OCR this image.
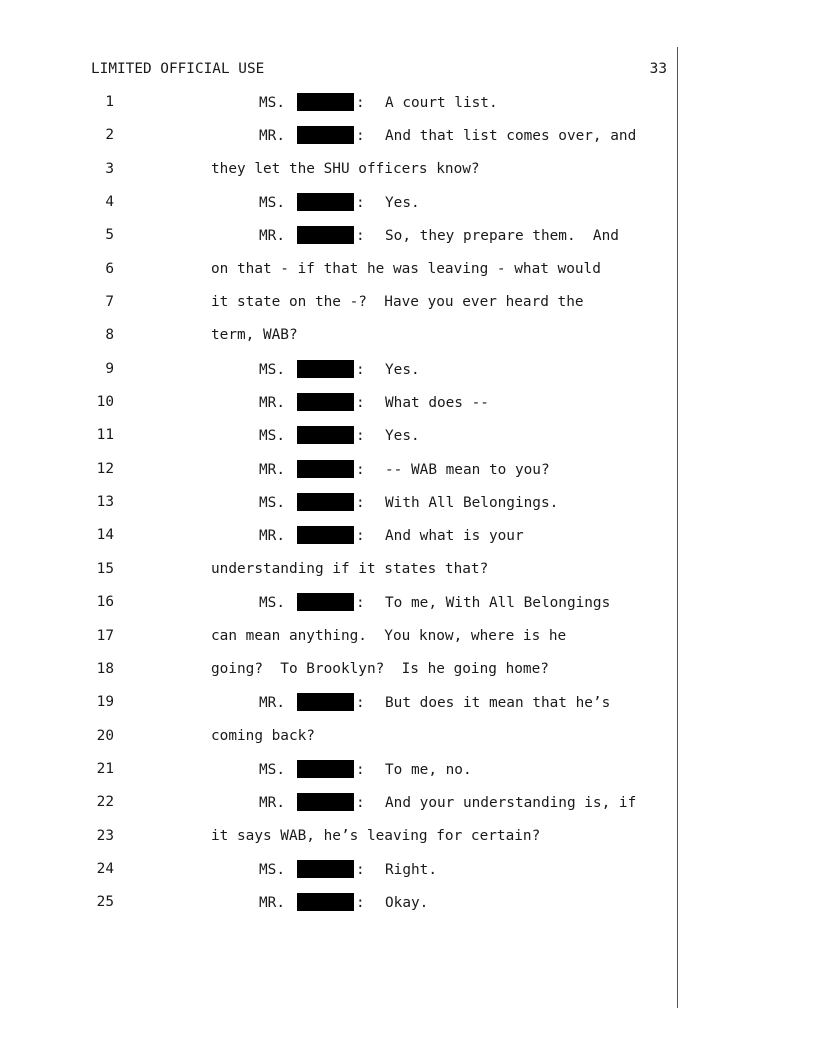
LIMITED OFFICIAL USE	33
1	MS.	:	A court list.
2	MR.	:	And that list comes over, and
3	they let the SHU officers know?
4	MS.	:	Yes.
5	MR.	:	So, they prepare them.  And
6	on that - if that he was leaving - what would
7	it state on the -?  Have you ever heard the
8	term, WAB?
9	MS.	:	Yes.
10	MR.	:	What does --
11	MS.	:	Yes.
12	MR.	:	-- WAB mean to you?
13	MS.	:	With All Belongings.
14	MR.	:	And what is your
15	understanding if it states that?
16	MS.	:	To me, With All Belongings
17	can mean anything.  You know, where is he
18	going?  To Brooklyn?  Is he going home?
19	MR.	:	But does it mean that he’s
20	coming back?
21	MS.	:	To me, no.
22	MR.	:	And your understanding is, if
23	it says WAB, he’s leaving for certain?
24	MS.	:	Right.
25	MR.	:	Okay.
